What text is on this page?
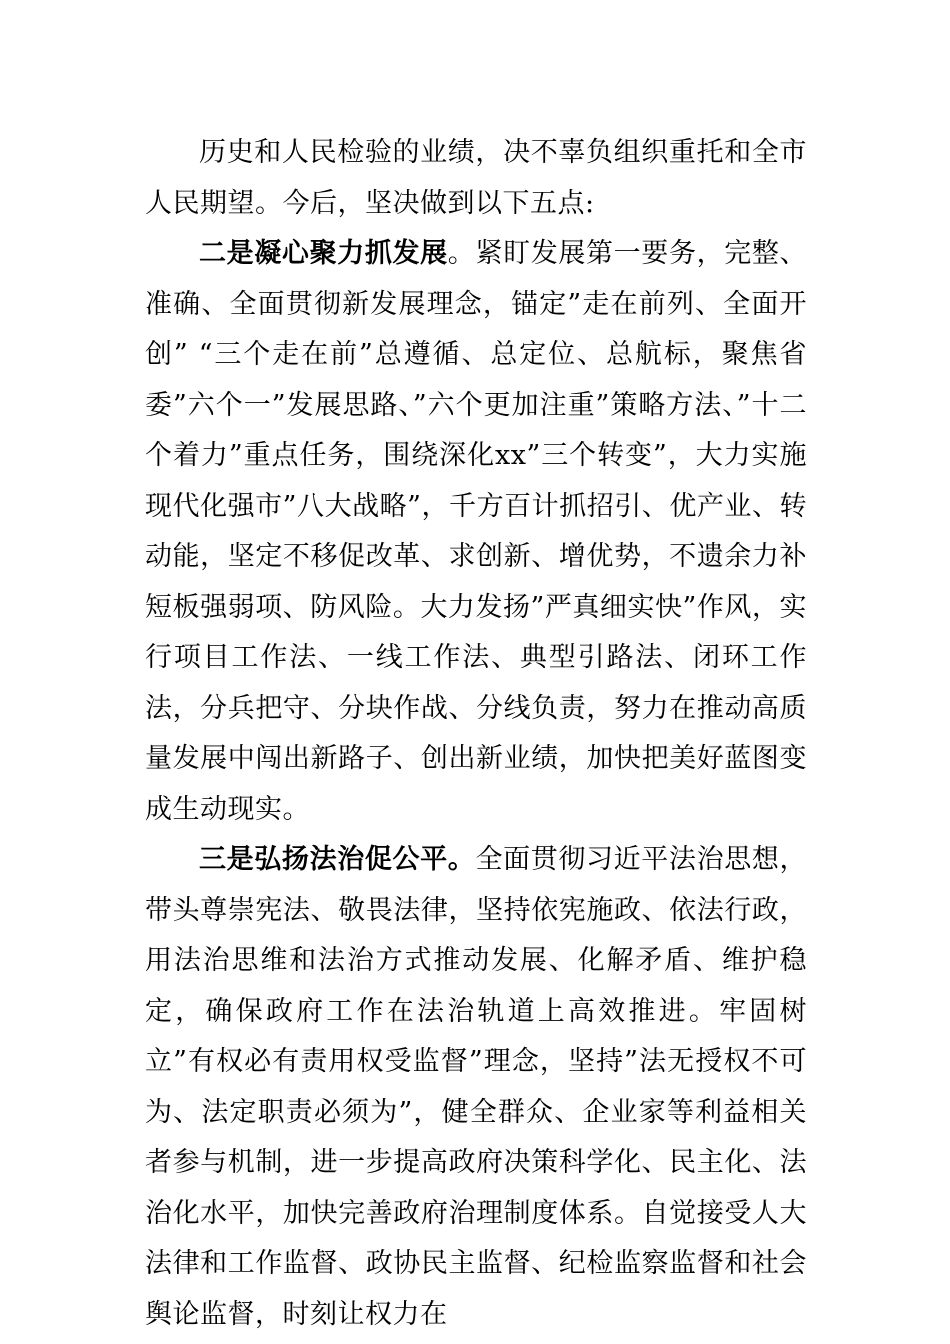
历史和人民检验的业绩，决不辜负组织重托和全市人民期望。今后，坚决做到以下五点:

二是凝心聚力抓发展。紧盯发展第一要务，完整、准确、全面贯彻新发展理念，锚定”走在前列、全面开创” “三个走在前”总遵循、总定位、总航标，聚焦省委”六个一”发展思路、”六个更加注重”策略方法、”十二个着力”重点任务，围绕深化xx”三个转变”，大力实施现代化强市”八大战略”，千方百计抓招引、优产业、转动能，坚定不移促改革、求创新、增优势，不遗余力补短板强弱项、防风险。大力发扬”严真细实快”作风，实行项目工作法、一线工作法、典型引路法、闭环工作法，分兵把守、分块作战、分线负责，努力在推动高质量发展中闯出新路子、创出新业绩，加快把美好蓝图变成生动现实。

三是弘扬法治促公平。全面贯彻习近平法治思想，带头尊崇宪法、敬畏法律，坚持依宪施政、依法行政，用法治思维和法治方式推动发展、化解矛盾、维护稳定，确保政府工作在法治轨道上高效推进。牢固树立”有权必有责用权受监督”理念，坚持”法无授权不可为、法定职责必须为”，健全群众、企业家等利益相关者参与机制，进一步提高政府决策科学化、民主化、法治化水平，加快完善政府治理制度体系。自觉接受人大法律和工作监督、政协民主监督、纪检监察监督和社会舆论监督，时刻让权力在
